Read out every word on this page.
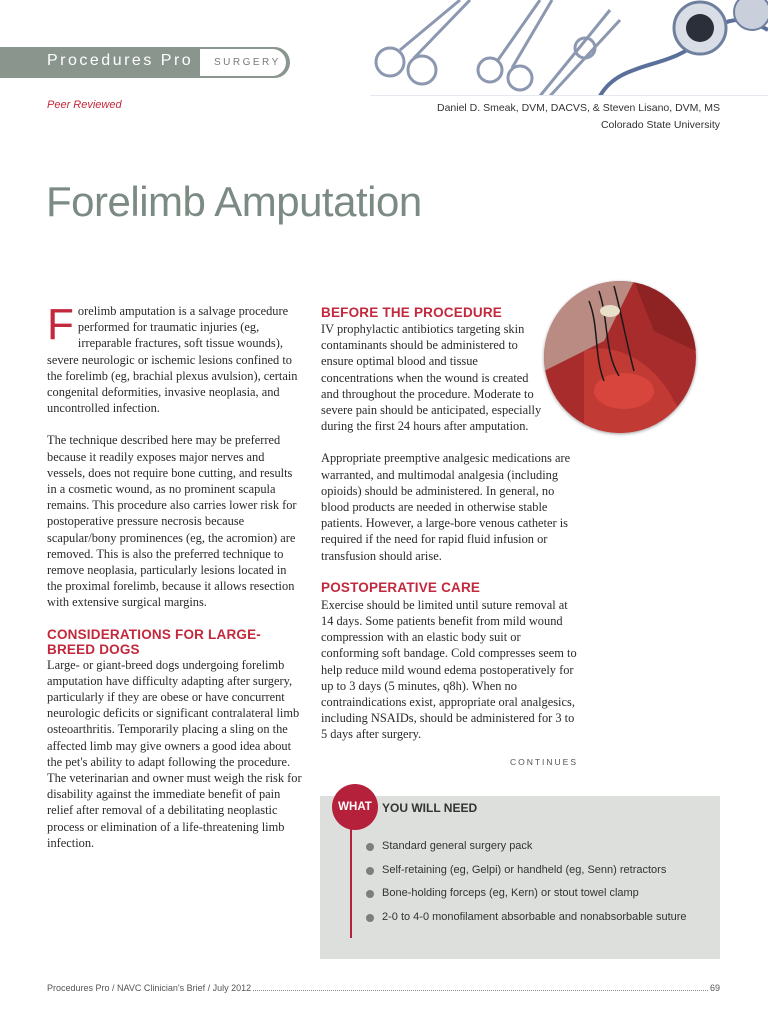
Procedures Pro	SURGERY
Peer Reviewed	Daniel D. Smeak, DVM, DACVS, & Steven Lisano, DVM, MS
Colorado State University
Forelimb Amputation

Forelimb amputation is a salvage procedure performed for traumatic injuries (eg, irreparable fractures, soft tissue wounds), severe neurologic or ischemic lesions confined to the forelimb (eg, brachial plexus avulsion), certain congenital deformities, invasive neoplasia, and uncontrolled infection.

The technique described here may be preferred because it readily exposes major nerves and vessels, does not require bone cutting, and results in a cosmetic wound, as no prominent scapula remains. This procedure also carries lower risk for postoperative pressure necrosis because scapular/bony prominences (eg, the acromion) are removed. This is also the preferred technique to remove neoplasia, particularly lesions located in the proximal forelimb, because it allows resection with extensive surgical margins.

CONSIDERATIONS FOR LARGE-BREED DOGS

Large- or giant-breed dogs undergoing forelimb amputation have difficulty adapting after surgery, particularly if they are obese or have concurrent neurologic deficits or significant contralateral limb osteoarthritis. Temporarily placing a sling on the affected limb may give owners a good idea about the pet's ability to adapt following the procedure. The veterinarian and owner must weigh the risk for disability against the immediate benefit of pain relief after removal of a debilitating neoplastic process or elimination of a life-threatening limb infection.

BEFORE THE PROCEDURE

IV prophylactic antibiotics targeting skin contaminants should be administered to ensure optimal blood and tissue concentrations when the wound is created and throughout the procedure. Moderate to severe pain should be anticipated, especially during the first 24 hours after amputation.

Appropriate preemptive analgesic medications are warranted, and multimodal analgesia (including opioids) should be administered. In general, no blood products are needed in otherwise stable patients. However, a large-bore venous catheter is required if the need for rapid fluid infusion or transfusion should arise.

POSTOPERATIVE CARE

Exercise should be limited until suture removal at 14 days. Some patients benefit from mild wound compression with an elastic body suit or conforming soft bandage. Cold compresses seem to help reduce mild wound edema postoperatively for up to 3 days (5 minutes, q8h). When no contraindications exist, appropriate oral analgesics, including NSAIDs, should be administered for 3 to 5 days after surgery.

CONTINUES
WHAT YOU WILL NEED
Standard general surgery pack
Self-retaining (eg, Gelpi) or handheld (eg, Senn) retractors
Bone-holding forceps (eg, Kern) or stout towel clamp
2-0 to 4-0 monofilament absorbable and nonabsorbable suture
Procedures Pro / NAVC Clinician's Brief / July 2012	69
